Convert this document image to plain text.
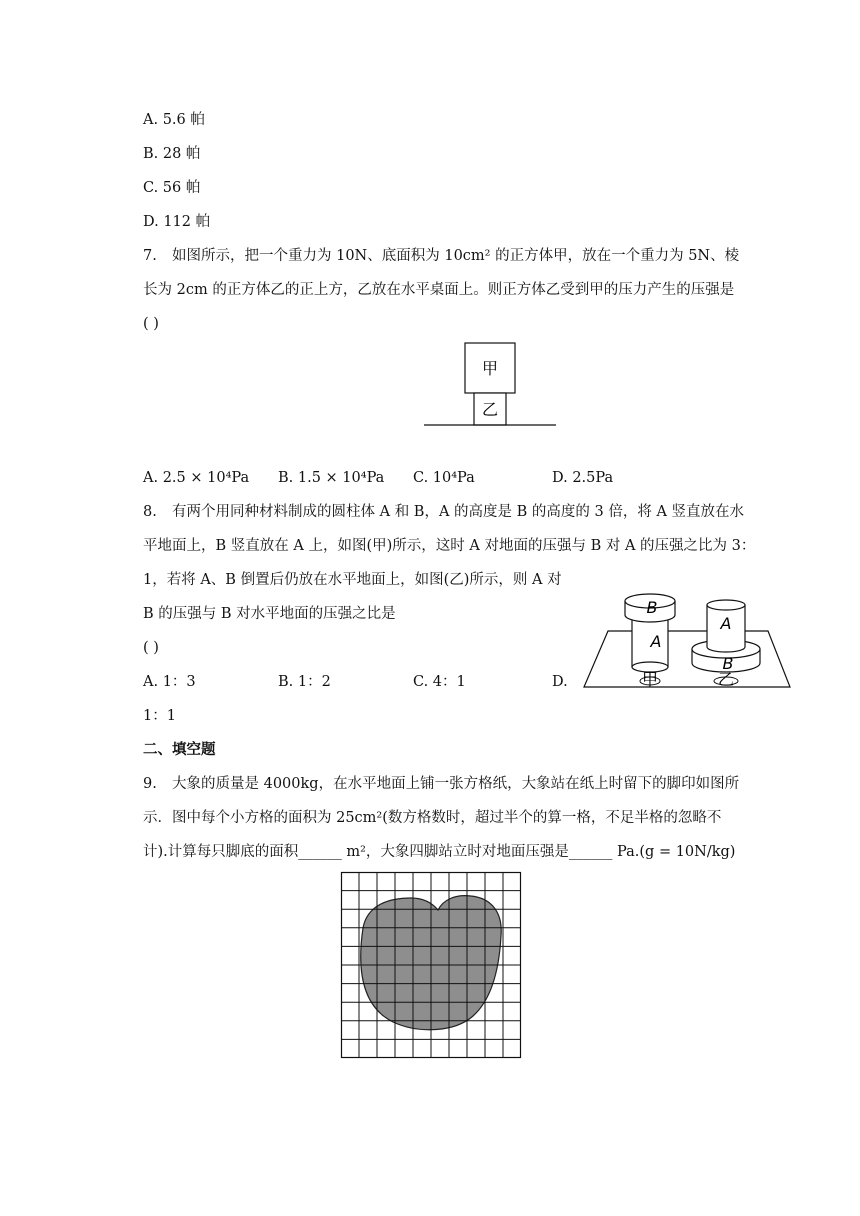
A. 5.6 帕
B. 28 帕
C. 56 帕
D. 112 帕
7. 如图所示，把一个重力为 10N、底面积为 10cm² 的正方体甲，放在一个重力为 5N、棱
长为 2cm 的正方体乙的正上方，乙放在水平桌面上。则正方体乙受到甲的压力产生的压强是
( )
甲
乙
A. 2.5 × 10⁴Pa B. 1.5 × 10⁴Pa C. 10⁴Pa	D. 2.5Pa
8. 有两个用同种材料制成的圆柱体 A 和 B，A 的高度是 B 的高度的 3 倍，将 A 竖直放在水
平地面上，B 竖直放在 A 上，如图(甲)所示，这时 A 对地面的压强与 B 对 A 的压强之比为 3：
1，若将 A、B 倒置后仍放在水平地面上，如图(乙)所示，则 A 对
B 的压强与 B 对水平地面的压强之比是
( )
A. 1：3	B. 1：2	C. 4：1	D.
1：1
B
A
甲
A
B
乙
二、填空题
9. 大象的质量是 4000kg，在水平地面上铺一张方格纸，大象站在纸上时留下的脚印如图所
示．图中每个小方格的面积为 25cm²(数方格数时，超过半个的算一格，不足半格的忽略不
计).计算每只脚底的面积______ m²，大象四脚站立时对地面压强是______ Pa.(g = 10N/kg)
